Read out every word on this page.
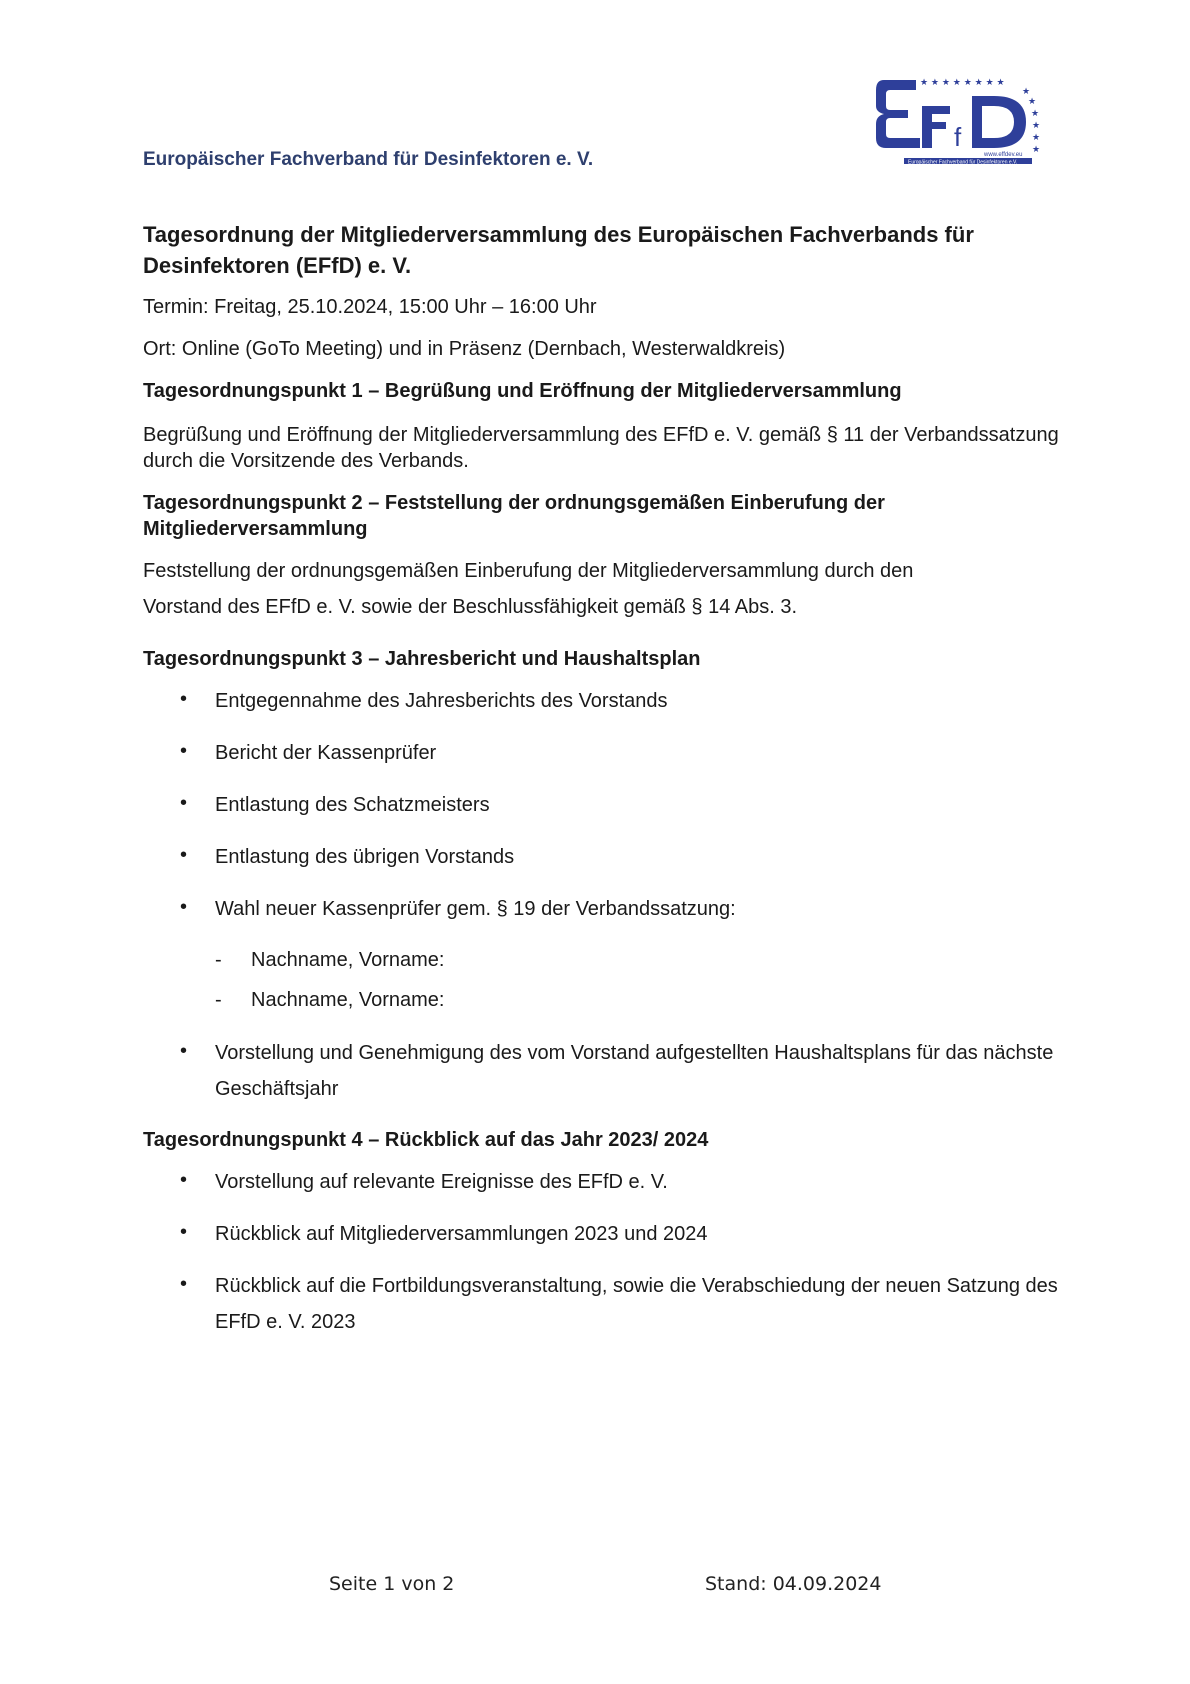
Europäischer Fachverband für Desinfektoren e. V.
f
★ ★ ★ ★ ★ ★ ★ ★
★
★
★
★
★
★
www.effdev.eu
Europäischer Fachverband für Desinfektoren e.V.
Tagesordnung der Mitgliederversammlung des Europäischen Fachverbands für Desinfektoren (EFfD) e. V.
Termin: Freitag, 25.10.2024, 15:00 Uhr – 16:00 Uhr
Ort: Online (GoTo Meeting) und in Präsenz (Dernbach, Westerwaldkreis)
Tagesordnungspunkt 1 – Begrüßung und Eröffnung der Mitgliederversammlung
Begrüßung und Eröffnung der Mitgliederversammlung des EFfD e. V. gemäß § 11 der Verbandssatzung durch die Vorsitzende des Verbands.
Tagesordnungspunkt 2 – Feststellung der ordnungsgemäßen Einberufung der Mitgliederversammlung
Feststellung der ordnungsgemäßen Einberufung der Mitgliederversammlung durch den
Vorstand des EFfD e. V. sowie der Beschlussfähigkeit gemäß § 14 Abs. 3.
Tagesordnungspunkt 3 – Jahresbericht und Haushaltsplan
• Entgegennahme des Jahresberichts des Vorstands
• Bericht der Kassenprüfer
• Entlastung des Schatzmeisters
• Entlastung des übrigen Vorstands
• Wahl neuer Kassenprüfer gem. § 19 der Verbandssatzung:
- Nachname, Vorname:
- Nachname, Vorname:
• Vorstellung und Genehmigung des vom Vorstand aufgestellten Haushaltsplans für das nächste Geschäftsjahr
Tagesordnungspunkt 4 – Rückblick auf das Jahr 2023/ 2024
• Vorstellung auf relevante Ereignisse des EFfD e. V.
• Rückblick auf Mitgliederversammlungen 2023 und 2024
• Rückblick auf die Fortbildungsveranstaltung, sowie die Verabschiedung der neuen Satzung des EFfD e. V. 2023
Seite 1 von 2	Stand: 04.09.2024
